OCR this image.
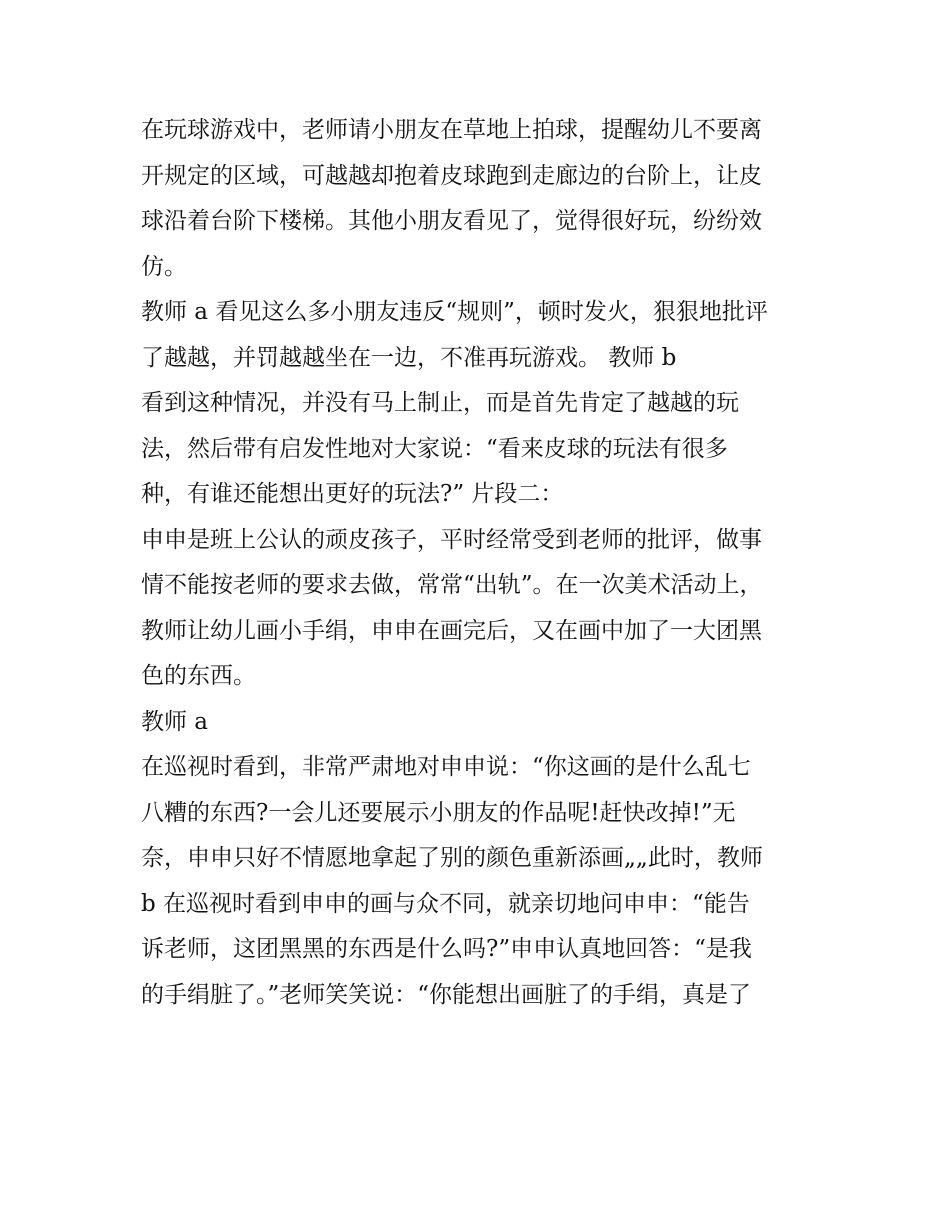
在玩球游戏中，老师请小朋友在草地上拍球，提醒幼儿不要离
开规定的区域，可越越却抱着皮球跑到走廊边的台阶上，让皮
球沿着台阶下楼梯。其他小朋友看见了，觉得很好玩，纷纷效
仿。
教师 a 看见这么多小朋友违反“规则”，顿时发火，狠狠地批评
了越越，并罚越越坐在一边，不准再玩游戏。 教师 b
看到这种情况，并没有马上制止，而是首先肯定了越越的玩
法，然后带有启发性地对大家说：“看来皮球的玩法有很多
种，有谁还能想出更好的玩法?” 片段二：
申申是班上公认的顽皮孩子，平时经常受到老师的批评，做事
情不能按老师的要求去做，常常“出轨”。在一次美术活动上，
教师让幼儿画小手绢，申申在画完后，又在画中加了一大团黑
色的东西。
教师 a
在巡视时看到，非常严肃地对申申说：“你这画的是什么乱七
八糟的东西?一会儿还要展示小朋友的作品呢!赶快改掉!”无
奈，申申只好不情愿地拿起了别的颜色重新添画„„此时，教师
b 在巡视时看到申申的画与众不同，就亲切地问申申：“能告
诉老师，这团黑黑的东西是什么吗?”申申认真地回答：“是我
的手绢脏了。”老师笑笑说：“你能想出画脏了的手绢，真是了
